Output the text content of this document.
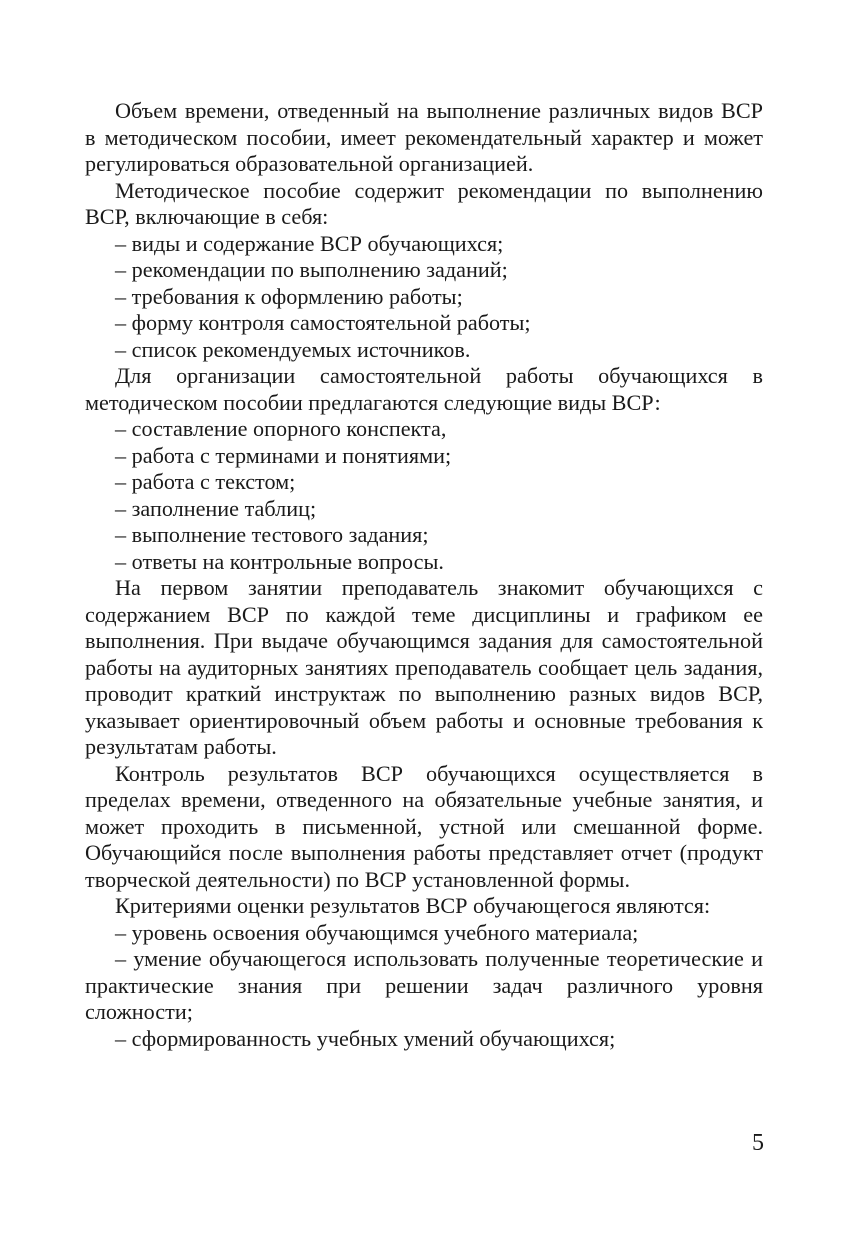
Объем времени, отведенный на выполнение различных видов ВСР в методическом пособии, имеет рекомендательный характер и может регулироваться образовательной организацией.

Методическое пособие содержит рекомендации по выполнению ВСР, включающие в себя:

– виды и содержание ВСР обучающихся;

– рекомендации по выполнению заданий;

– требования к оформлению работы;

– форму контроля самостоятельной работы;

– список рекомендуемых источников.

Для организации самостоятельной работы обучающихся в методическом пособии предлагаются следующие виды ВСР:

– составление опорного конспекта,

– работа с терминами и понятиями;

– работа с текстом;

– заполнение таблиц;

– выполнение тестового задания;

– ответы на контрольные вопросы.

На первом занятии преподаватель знакомит обучающихся с содержанием ВСР по каждой теме дисциплины и графиком ее выполнения. При выдаче обучающимся задания для самостоятельной работы на аудиторных занятиях преподаватель сообщает цель задания, проводит краткий инструктаж по выполнению разных видов ВСР, указывает ориентировочный объем работы и основные требования к результатам работы.

Контроль результатов ВСР обучающихся осуществляется в пределах времени, отведенного на обязательные учебные занятия, и может проходить в письменной, устной или смешанной форме. Обучающийся после выполнения работы представляет отчет (продукт творческой деятельности) по ВСР установленной формы.

Критериями оценки результатов ВСР обучающегося являются:

– уровень освоения обучающимся учебного материала;

– умение обучающегося использовать полученные теоретические и практические знания при решении задач различного уровня сложности;

– сформированность учебных умений обучающихся;

5
